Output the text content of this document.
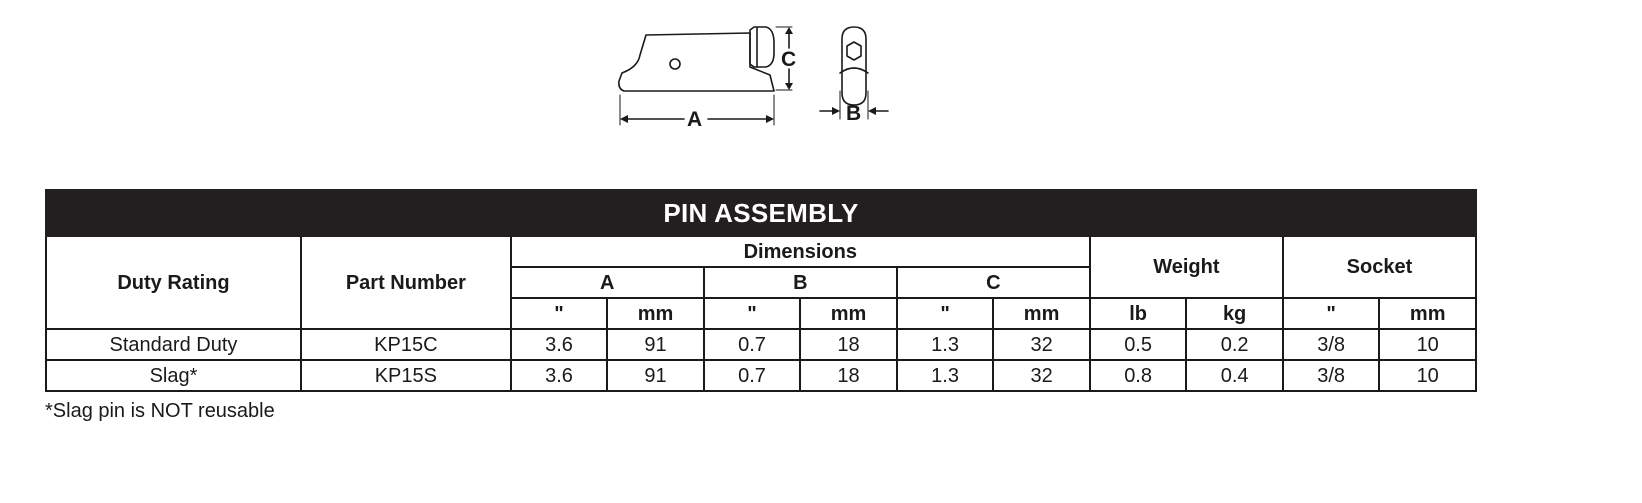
C
A	B
PIN ASSEMBLY											
Duty Rating	Part Number	Dimensions						Weight		Socket	
		A		B		C					
		"	mm	"	mm	"	mm	lb	kg	"	mm
Standard Duty	KP15C	3.6	91	0.7	18	1.3	32	0.5	0.2	3/8	10
Slag*	KP15S	3.6	91	0.7	18	1.3	32	0.8	0.4	3/8	10
*Slag pin is NOT reusable
